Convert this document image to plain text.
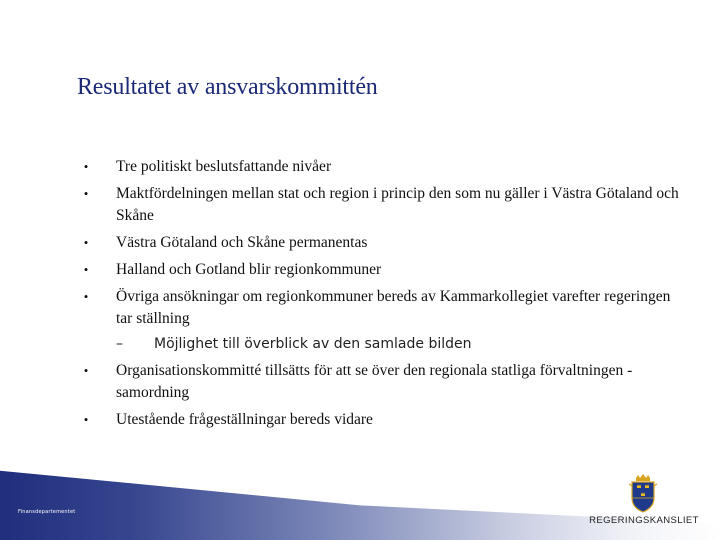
Resultatet av ansvarskommittén
• Tre politiskt beslutsfattande nivåer
• Maktfördelningen mellan stat och region i princip den som nu gäller i Västra Götaland och Skåne
• Västra Götaland och Skåne permanentas
• Halland och Gotland blir regionkommuner
• Övriga ansökningar om regionkommuner bereds av Kammarkollegiet varefter regeringen tar ställning
– Möjlighet till överblick av den samlade bilden
• Organisationskommitté tillsätts för att se över den regionala statliga förvaltningen - samordning
• Utestående frågeställningar bereds vidare
Finansdepartementet
REGERINGSKANSLIET
